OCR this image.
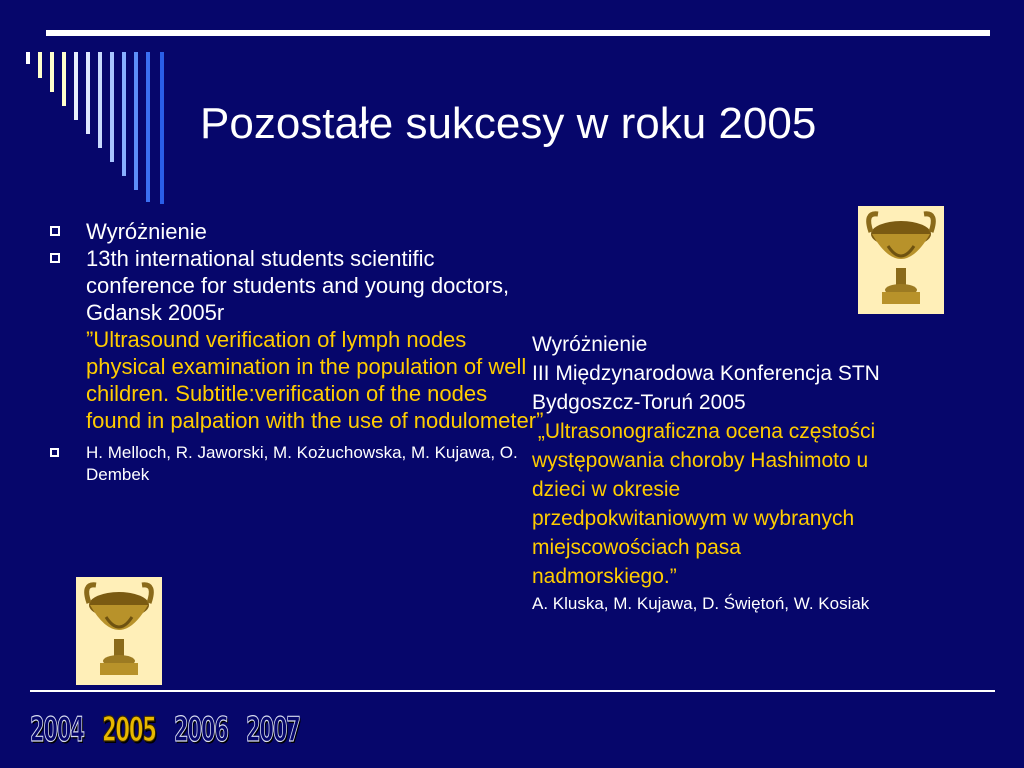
Pozostałe sukcesy w roku 2005
Wyróżnienie
13th international students scientific conference for students and young doctors, Gdansk 2005r
”Ultrasound verification of lymph nodes physical examination in the population of well children. Subtitle:verification of the nodes found in palpation with the use of nodulometer”
H. Melloch, R. Jaworski, M. Kożuchowska, M. Kujawa, O. Dembek
Wyróżnienie
III Międzynarodowa Konferencja STN
Bydgoszcz-Toruń 2005
„Ultrasonograficzna ocena częstości
występowania choroby Hashimoto u
dzieci w okresie
przedpokwitaniowym w wybranych
miejscowościach pasa
nadmorskiego.”
A. Kluska, M. Kujawa, D. Świętoń, W. Kosiak
2004 2005 2006 2007
